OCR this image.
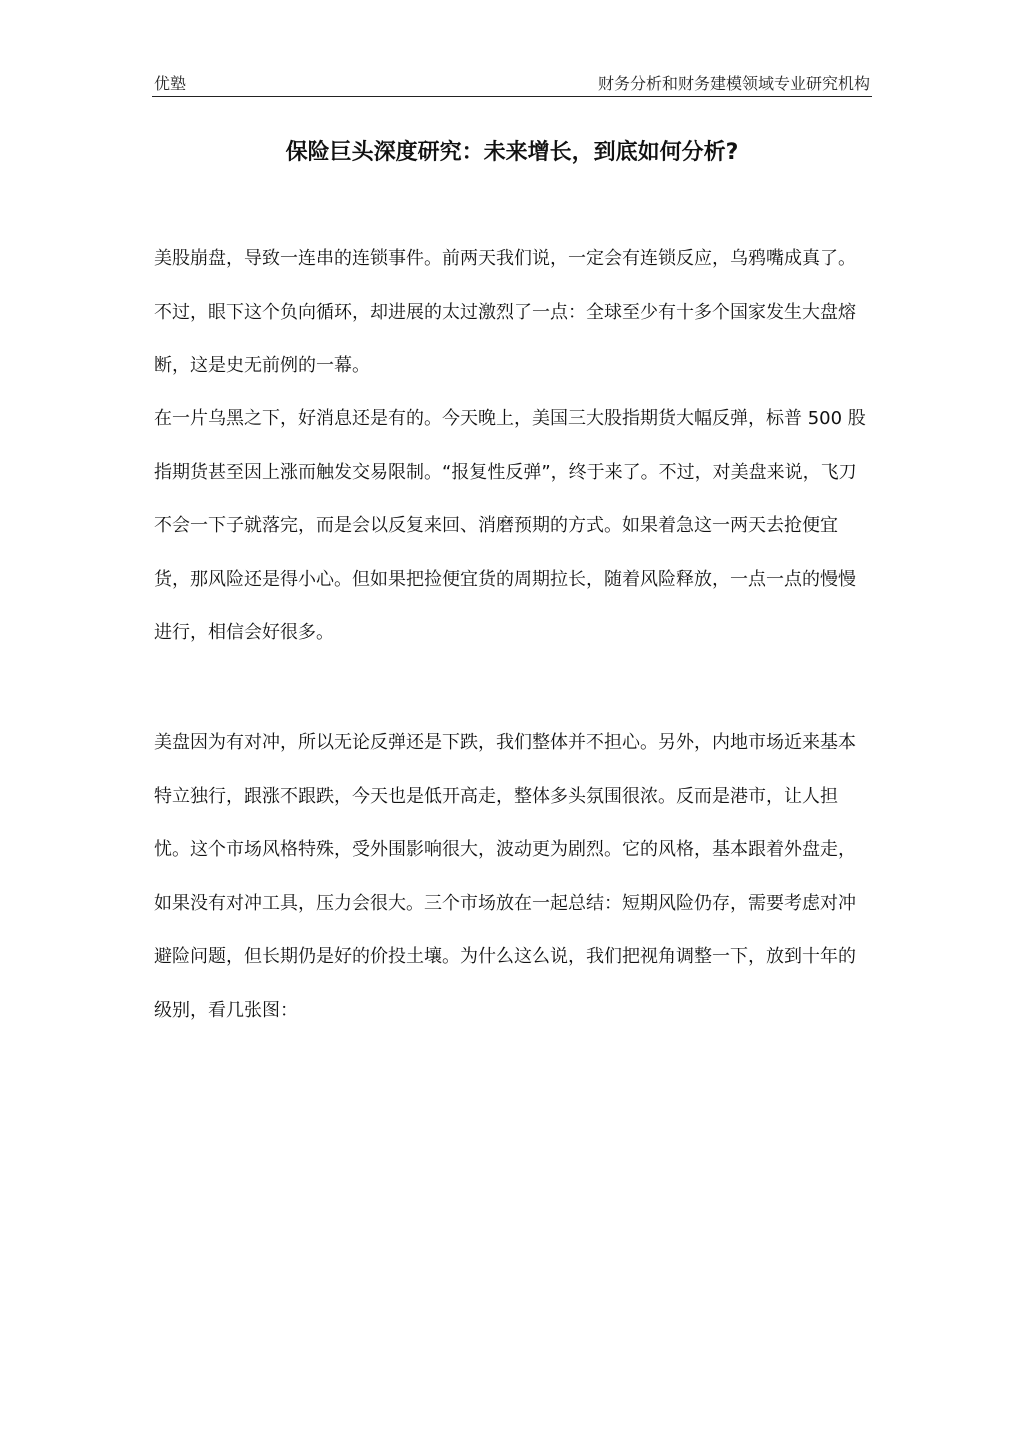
优塾	财务分析和财务建模领域专业研究机构
保险巨头深度研究：未来增长，到底如何分析?
美股崩盘，导致一连串的连锁事件。前两天我们说，一定会有连锁反应，乌鸦嘴成真了。
不过，眼下这个负向循环，却进展的太过激烈了一点：全球至少有十多个国家发生大盘熔
断，这是史无前例的一幕。
在一片乌黑之下，好消息还是有的。今天晚上，美国三大股指期货大幅反弹，标普 500 股
指期货甚至因上涨而触发交易限制。“报复性反弹”，终于来了。不过，对美盘来说，飞刀
不会一下子就落完，而是会以反复来回、消磨预期的方式。如果着急这一两天去抢便宜
货，那风险还是得小心。但如果把捡便宜货的周期拉长，随着风险释放，一点一点的慢慢
进行，相信会好很多。
美盘因为有对冲，所以无论反弹还是下跌，我们整体并不担心。另外，内地市场近来基本
特立独行，跟涨不跟跌，今天也是低开高走，整体多头氛围很浓。反而是港市，让人担
忧。这个市场风格特殊，受外围影响很大，波动更为剧烈。它的风格，基本跟着外盘走，
如果没有对冲工具，压力会很大。三个市场放在一起总结：短期风险仍存，需要考虑对冲
避险问题，但长期仍是好的价投土壤。为什么这么说，我们把视角调整一下，放到十年的
级别，看几张图：
